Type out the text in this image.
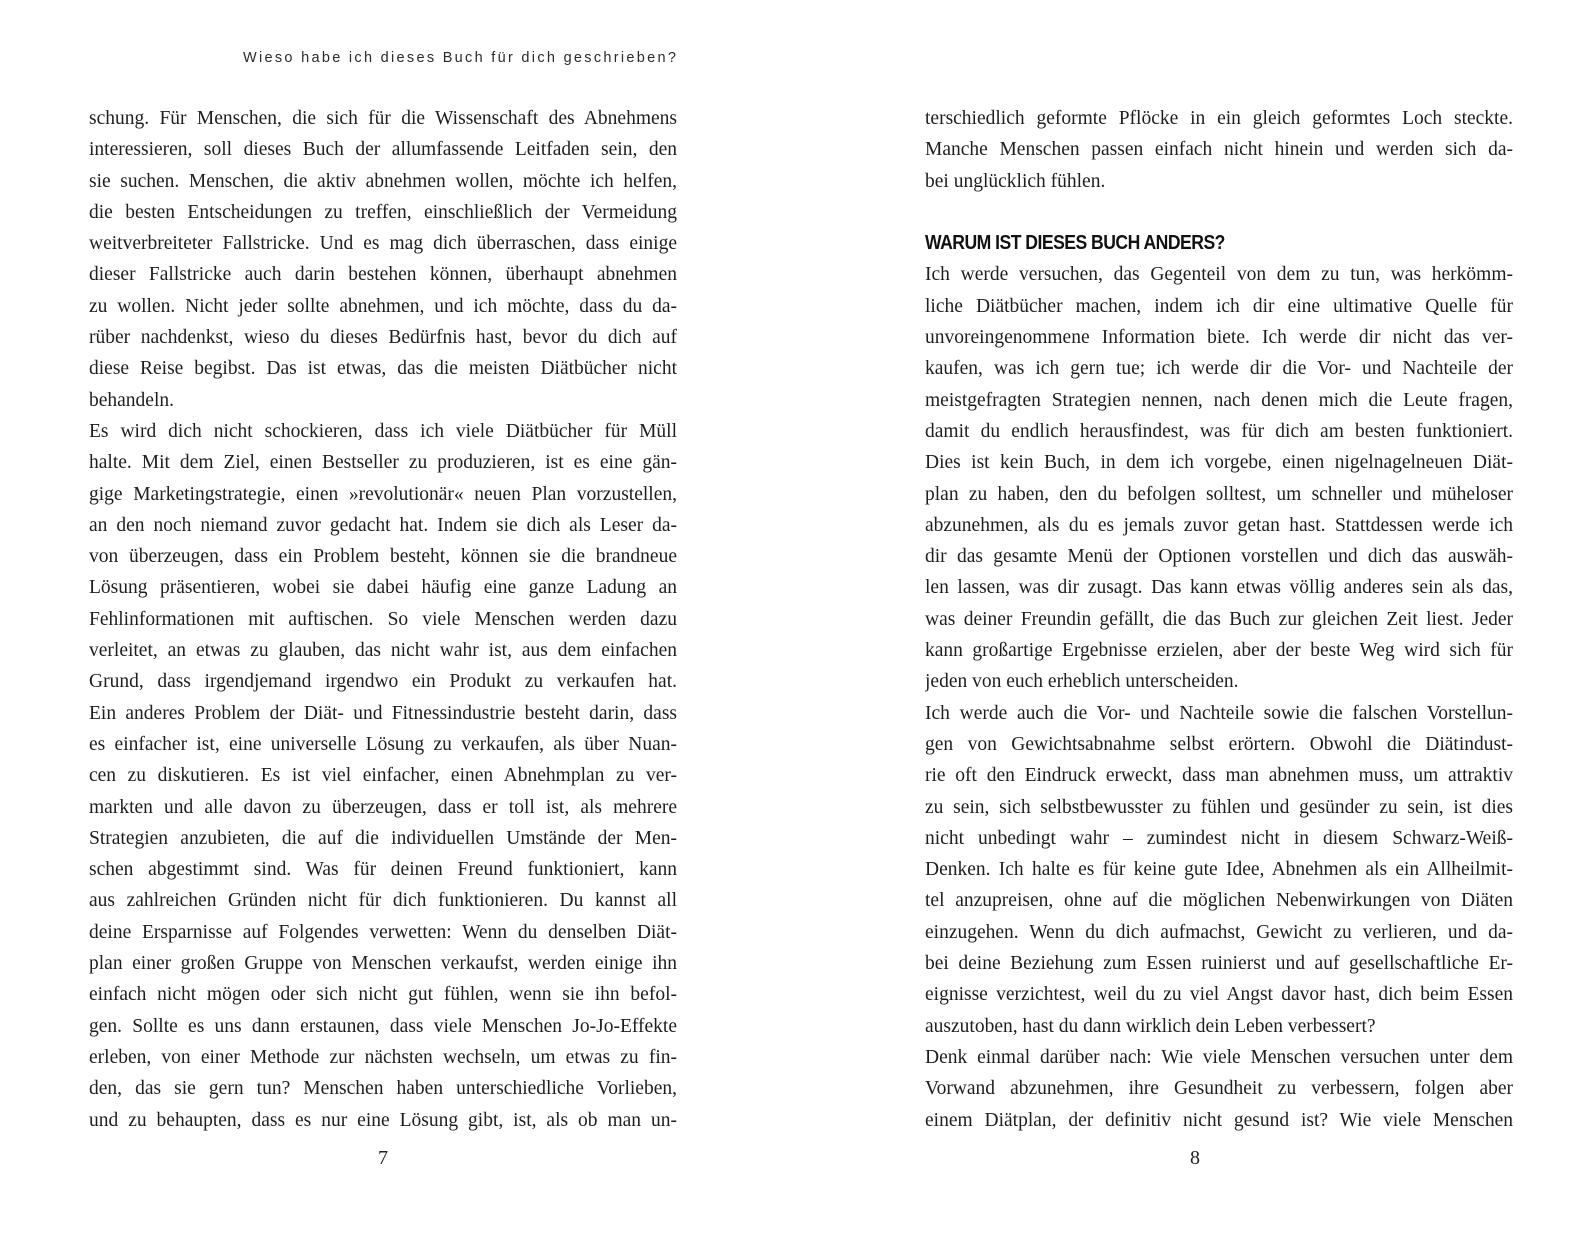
Wieso habe ich dieses Buch für dich geschrieben?
schung. Für Menschen, die sich für die Wissenschaft des Abnehmens
interessieren, soll dieses Buch der allumfassende Leitfaden sein, den
sie suchen. Menschen, die aktiv abnehmen wollen, möchte ich helfen,
die besten Entscheidungen zu treffen, einschließlich der Vermeidung
weitverbreiteter Fallstricke. Und es mag dich überraschen, dass einige
dieser Fallstricke auch darin bestehen können, überhaupt abnehmen
zu wollen. Nicht jeder sollte abnehmen, und ich möchte, dass du da-
rüber nachdenkst, wieso du dieses Bedürfnis hast, bevor du dich auf
diese Reise begibst. Das ist etwas, das die meisten Diätbücher nicht
behandeln.
Es wird dich nicht schockieren, dass ich viele Diätbücher für Müll
halte. Mit dem Ziel, einen Bestseller zu produzieren, ist es eine gän-
gige Marketingstrategie, einen »revolutionär« neuen Plan vorzustellen,
an den noch niemand zuvor gedacht hat. Indem sie dich als Leser da-
von überzeugen, dass ein Problem besteht, können sie die brandneue
Lösung präsentieren, wobei sie dabei häufig eine ganze Ladung an
Fehlinformationen mit auftischen. So viele Menschen werden dazu
verleitet, an etwas zu glauben, das nicht wahr ist, aus dem einfachen
Grund, dass irgendjemand irgendwo ein Produkt zu verkaufen hat.
Ein anderes Problem der Diät- und Fitnessindustrie besteht darin, dass
es einfacher ist, eine universelle Lösung zu verkaufen, als über Nuan-
cen zu diskutieren. Es ist viel einfacher, einen Abnehmplan zu ver-
markten und alle davon zu überzeugen, dass er toll ist, als mehrere
Strategien anzubieten, die auf die individuellen Umstände der Men-
schen abgestimmt sind. Was für deinen Freund funktioniert, kann
aus zahlreichen Gründen nicht für dich funktionieren. Du kannst all
deine Ersparnisse auf Folgendes verwetten: Wenn du denselben Diät-
plan einer großen Gruppe von Menschen verkaufst, werden einige ihn
einfach nicht mögen oder sich nicht gut fühlen, wenn sie ihn befol-
gen. Sollte es uns dann erstaunen, dass viele Menschen Jo-Jo-Effekte
erleben, von einer Methode zur nächsten wechseln, um etwas zu fin-
den, das sie gern tun? Menschen haben unterschiedliche Vorlieben,
und zu behaupten, dass es nur eine Lösung gibt, ist, als ob man un-
7
terschiedlich geformte Pflöcke in ein gleich geformtes Loch steckte.
Manche Menschen passen einfach nicht hinein und werden sich da-
bei unglücklich fühlen.
WARUM IST DIESES BUCH ANDERS?
Ich werde versuchen, das Gegenteil von dem zu tun, was herkömm-
liche Diätbücher machen, indem ich dir eine ultimative Quelle für
unvoreingenommene Information biete. Ich werde dir nicht das ver-
kaufen, was ich gern tue; ich werde dir die Vor- und Nachteile der
meistgefragten Strategien nennen, nach denen mich die Leute fragen,
damit du endlich herausfindest, was für dich am besten funktioniert.
Dies ist kein Buch, in dem ich vorgebe, einen nigelnagelneuen Diät-
plan zu haben, den du befolgen solltest, um schneller und müheloser
abzunehmen, als du es jemals zuvor getan hast. Stattdessen werde ich
dir das gesamte Menü der Optionen vorstellen und dich das auswäh-
len lassen, was dir zusagt. Das kann etwas völlig anderes sein als das,
was deiner Freundin gefällt, die das Buch zur gleichen Zeit liest. Jeder
kann großartige Ergebnisse erzielen, aber der beste Weg wird sich für
jeden von euch erheblich unterscheiden.
Ich werde auch die Vor- und Nachteile sowie die falschen Vorstellun-
gen von Gewichtsabnahme selbst erörtern. Obwohl die Diätindust-
rie oft den Eindruck erweckt, dass man abnehmen muss, um attraktiv
zu sein, sich selbstbewusster zu fühlen und gesünder zu sein, ist dies
nicht unbedingt wahr – zumindest nicht in diesem Schwarz-Weiß-
Denken. Ich halte es für keine gute Idee, Abnehmen als ein Allheilmit-
tel anzupreisen, ohne auf die möglichen Nebenwirkungen von Diäten
einzugehen. Wenn du dich aufmachst, Gewicht zu verlieren, und da-
bei deine Beziehung zum Essen ruinierst und auf gesellschaftliche Er-
eignisse verzichtest, weil du zu viel Angst davor hast, dich beim Essen
auszutoben, hast du dann wirklich dein Leben verbessert?
Denk einmal darüber nach: Wie viele Menschen versuchen unter dem
Vorwand abzunehmen, ihre Gesundheit zu verbessern, folgen aber
einem Diätplan, der definitiv nicht gesund ist? Wie viele Menschen
8
